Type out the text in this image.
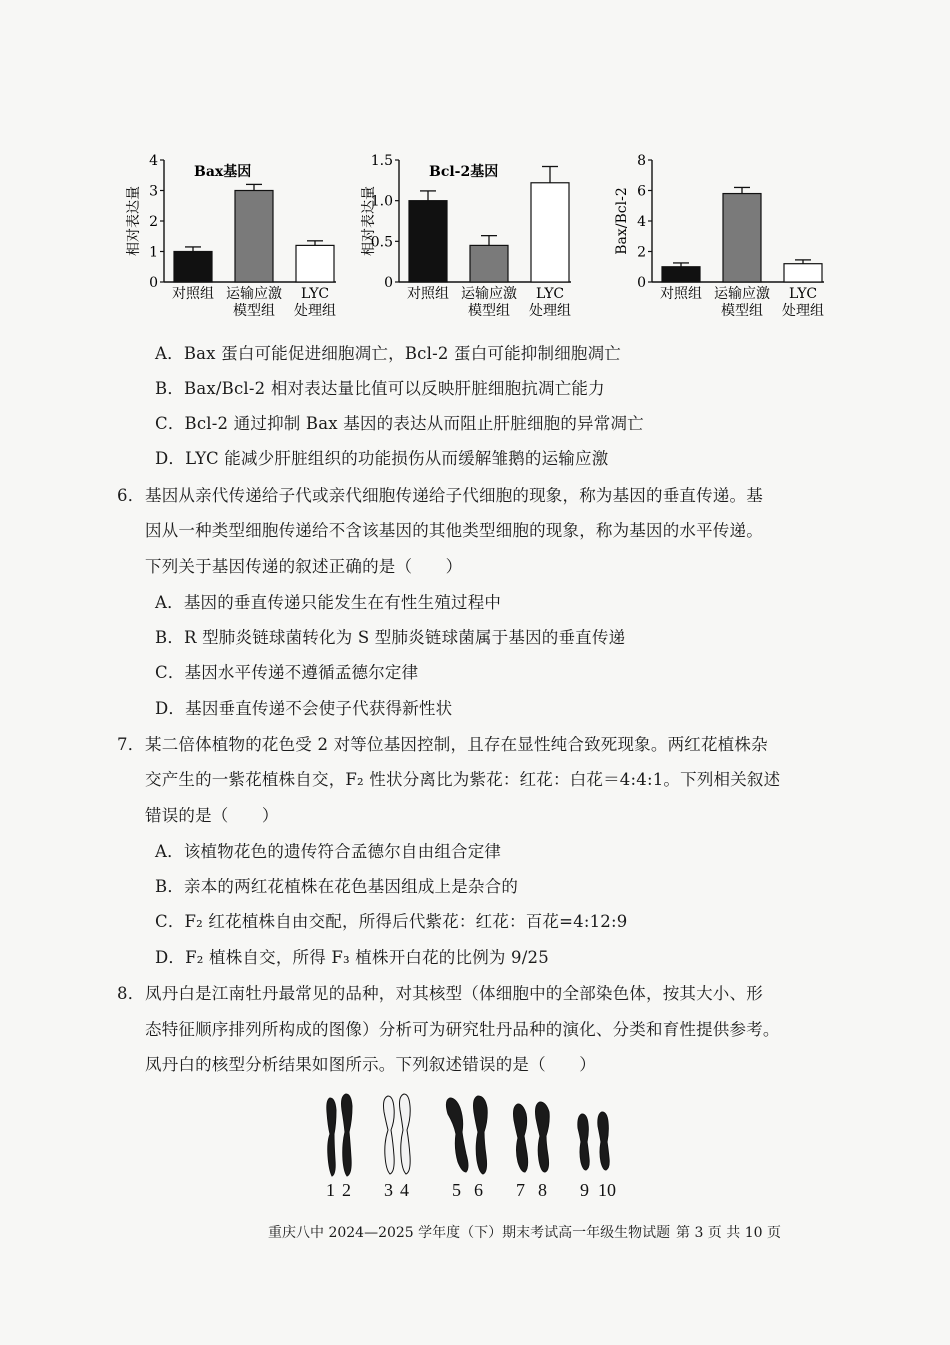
0
1
2
3
4
相对表达量
Bax基因
对照组 运输应激
模型组
LYC
处理组
0
0.5
1.0
1.5
相对表达量
Bcl-2基因
对照组 运输应激
模型组
LYC
处理组
0
2
4
6
8
Bax/Bcl-2
对照组 运输应激
模型组
LYC
处理组
A．Bax 蛋白可能促进细胞凋亡，Bcl-2 蛋白可能抑制细胞凋亡
B．Bax/Bcl-2 相对表达量比值可以反映肝脏细胞抗凋亡能力
C．Bcl-2 通过抑制 Bax 基因的表达从而阻止肝脏细胞的异常凋亡
D．LYC 能减少肝脏组织的功能损伤从而缓解雏鹅的运输应激
6． 基因从亲代传递给子代或亲代细胞传递给子代细胞的现象，称为基因的垂直传递。基
因从一种类型细胞传递给不含该基因的其他类型细胞的现象，称为基因的水平传递。
下列关于基因传递的叙述正确的是（　　）
A．基因的垂直传递只能发生在有性生殖过程中
B．R 型肺炎链球菌转化为 S 型肺炎链球菌属于基因的垂直传递
C．基因水平传递不遵循孟德尔定律
D．基因垂直传递不会使子代获得新性状
7． 某二倍体植物的花色受 2 对等位基因控制，且存在显性纯合致死现象。两红花植株杂
交产生的一紫花植株自交，F₂ 性状分离比为紫花：红花：白花＝4:4:1。下列相关叙述
错误的是（　　）
A．该植物花色的遗传符合孟德尔自由组合定律
B．亲本的两红花植株在花色基因组成上是杂合的
C．F₂ 红花植株自由交配，所得后代紫花：红花：百花=4:12:9
D．F₂ 植株自交，所得 F₃ 植株开白花的比例为 9/25
8． 凤丹白是江南牡丹最常见的品种，对其核型（体细胞中的全部染色体，按其大小、形
态特征顺序排列所构成的图像）分析可为研究牡丹品种的演化、分类和育性提供参考。
凤丹白的核型分析结果如图所示。下列叙述错误的是（　　）
1 2 3 4 5 6 7 8 9 10
重庆八中 2024—2025 学年度（下）期末考试高一年级生物试题 第 3 页 共 10 页
